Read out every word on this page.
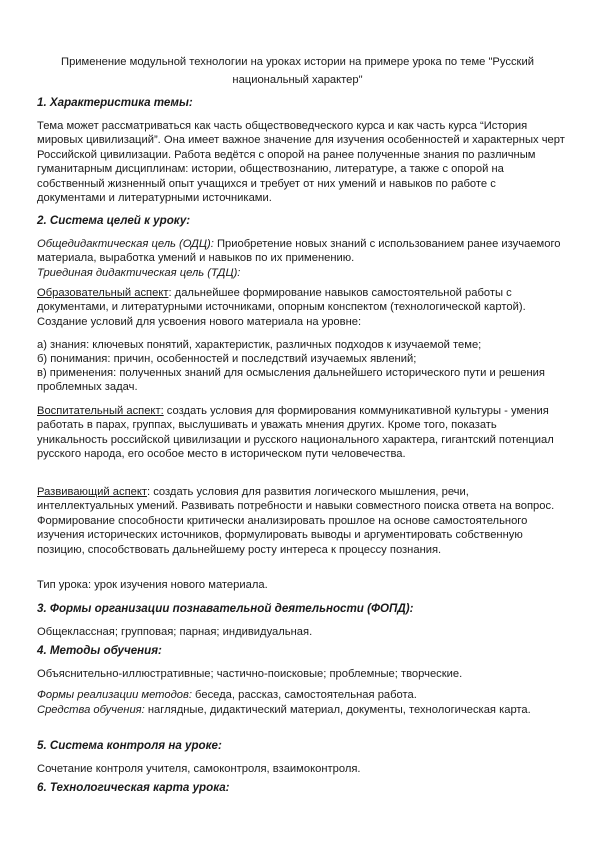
Применение модульной технологии на уроках истории на примере урока по теме "Русский национальный характер"

1. Характеристика темы:

Тема может рассматриваться как часть обществоведческого курса и как часть курса “История мировых цивилизаций”. Она имеет важное значение для изучения особенностей и характерных черт Российской цивилизации. Работа ведётся с опорой на ранее полученные знания по различным гуманитарным дисциплинам: истории, обществознанию, литературе, а также с опорой на собственный жизненный опыт учащихся и требует от них умений и навыков по работе с документами и литературными источниками.

2. Система целей к уроку:

Общедидактическая цель (ОДЦ): Приобретение новых знаний с использованием ранее изучаемого материала, выработка умений и навыков по их применению.

Триединая дидактическая цель (ТДЦ):

Образовательный аспект: дальнейшее формирование навыков самостоятельной работы с документами, и литературными источниками, опорным конспектом (технологической картой). Создание условий для усвоения нового материала на уровне:

а) знания: ключевых понятий, характеристик, различных подходов к изучаемой теме;

б) понимания: причин, особенностей и последствий изучаемых явлений;

в) применения: полученных знаний для осмысления дальнейшего исторического пути и решения проблемных задач.

Воспитательный аспект: создать условия для формирования коммуникативной культуры - умения работать в парах, группах, выслушивать и уважать мнения других. Кроме того, показать уникальность российской цивилизации и русского национального характера, гигантский потенциал русского народа, его особое место в историческом пути человечества.

Развивающий аспект: создать условия для развития логического мышления, речи, интеллектуальных умений. Развивать потребности и навыки совместного поиска ответа на вопрос. Формирование способности критически анализировать прошлое на основе самостоятельного изучения исторических источников, формулировать выводы и аргументировать собственную позицию, способствовать дальнейшему росту интереса к процессу познания.

Тип урока: урок изучения нового материала.

3. Формы организации познавательной деятельности (ФОПД):

Общеклассная; групповая; парная; индивидуальная.

4. Методы обучения:

Объяснительно-иллюстративные; частично-поисковые; проблемные; творческие.

Формы реализации методов: беседа, рассказ, самостоятельная работа.

Средства обучения: наглядные, дидактический материал, документы, технологическая карта.

5. Система контроля на уроке:

Сочетание контроля учителя, самоконтроля, взаимоконтроля.

6. Технологическая карта урока:
